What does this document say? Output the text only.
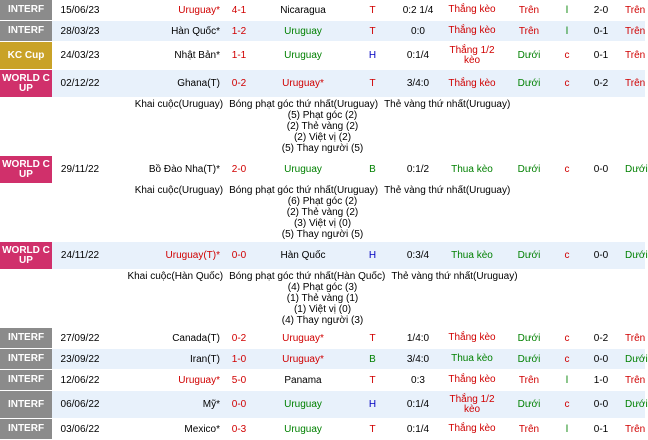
INTERF	15/06/23	Uruguay*	4-1	Nicaragua	T	0:2 1/4	Thắng kèo	Trên	l	2-0	Trên
INTERF	28/03/23	Hàn Quốc*	1-2	Uruguay	T	0:0	Thắng kèo	Trên	l	0-1	Trên
KC Cup	24/03/23	Nhật Bản*	1-1	Uruguay	H	0:1/4	Thắng 1/2 kèo	Dưới	c	0-1	Trên
WORLD C UP	02/12/22	Ghana(T)	0-2	Uruguay*	T	3/4:0	Thắng kèo	Dưới	c	0-2	Trên

Khai cuộc(Uruguay) Bóng phạt góc thứ nhất(Uruguay) Thẻ vàng thứ nhất(Uruguay)
(5) Phạt góc (2)
(2) Thẻ vàng (2)
(2) Việt vị (2)
(5) Thay người (5)											

WORLD C UP	29/11/22	Bồ Đào Nha(T)*	2-0	Uruguay	B	0:1/2	Thua kèo	Dưới	c	0-0	Dưới

Khai cuộc(Uruguay) Bóng phạt góc thứ nhất(Uruguay) Thẻ vàng thứ nhất(Uruguay)
(6) Phạt góc (2)
(2) Thẻ vàng (2)
(3) Việt vị (0)
(5) Thay người (5)											

WORLD C UP	24/11/22	Uruguay(T)*	0-0	Hàn Quốc	H	0:3/4	Thua kèo	Dưới	c	0-0	Dưới

Khai cuộc(Hàn Quốc) Bóng phạt góc thứ nhất(Hàn Quốc) Thẻ vàng thứ nhất(Uruguay)
(4) Phạt góc (3)
(1) Thẻ vàng (1)
(1) Việt vị (0)
(4) Thay người (3)											

INTERF	27/09/22	Canada(T)	0-2	Uruguay*	T	1/4:0	Thắng kèo	Dưới	c	0-2	Trên
INTERF	23/09/22	Iran(T)	1-0	Uruguay*	B	3/4:0	Thua kèo	Dưới	c	0-0	Dưới
INTERF	12/06/22	Uruguay*	5-0	Panama	T	0:3	Thắng kèo	Trên	l	1-0	Trên
INTERF	06/06/22	Mỹ*	0-0	Uruguay	H	0:1/4	Thắng 1/2 kèo	Dưới	c	0-0	Dưới
INTERF	03/06/22	Mexico*	0-3	Uruguay	T	0:1/4	Thắng kèo	Trên	l	0-1	Trên
